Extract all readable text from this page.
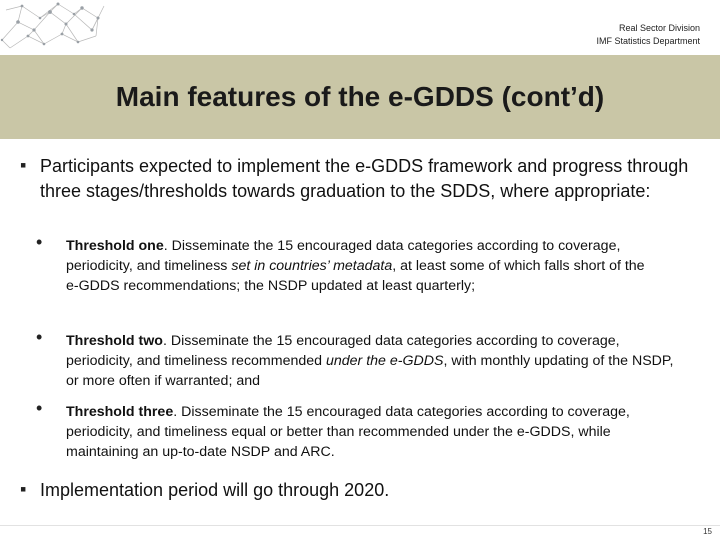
Real Sector Division
IMF Statistics Department
Main features of the e-GDDS (cont’d)
▪ Participants expected to implement the e-GDDS framework and progress through three stages/thresholds towards graduation to the SDDS, where appropriate:
• Threshold one. Disseminate the 15 encouraged data categories according to coverage, periodicity, and timeliness set in countries’ metadata, at least some of which falls short of the e‑GDDS recommendations; the NSDP updated at least quarterly;
• Threshold two. Disseminate the 15 encouraged data categories according to coverage, periodicity, and timeliness recommended under the e‑GDDS, with monthly updating of the NSDP, or more often if warranted; and
• Threshold three. Disseminate the 15 encouraged data categories according to coverage, periodicity, and timeliness equal or better than recommended under the e‑GDDS, while maintaining an up-to-date NSDP and ARC.
▪ Implementation period will go through 2020.
15
